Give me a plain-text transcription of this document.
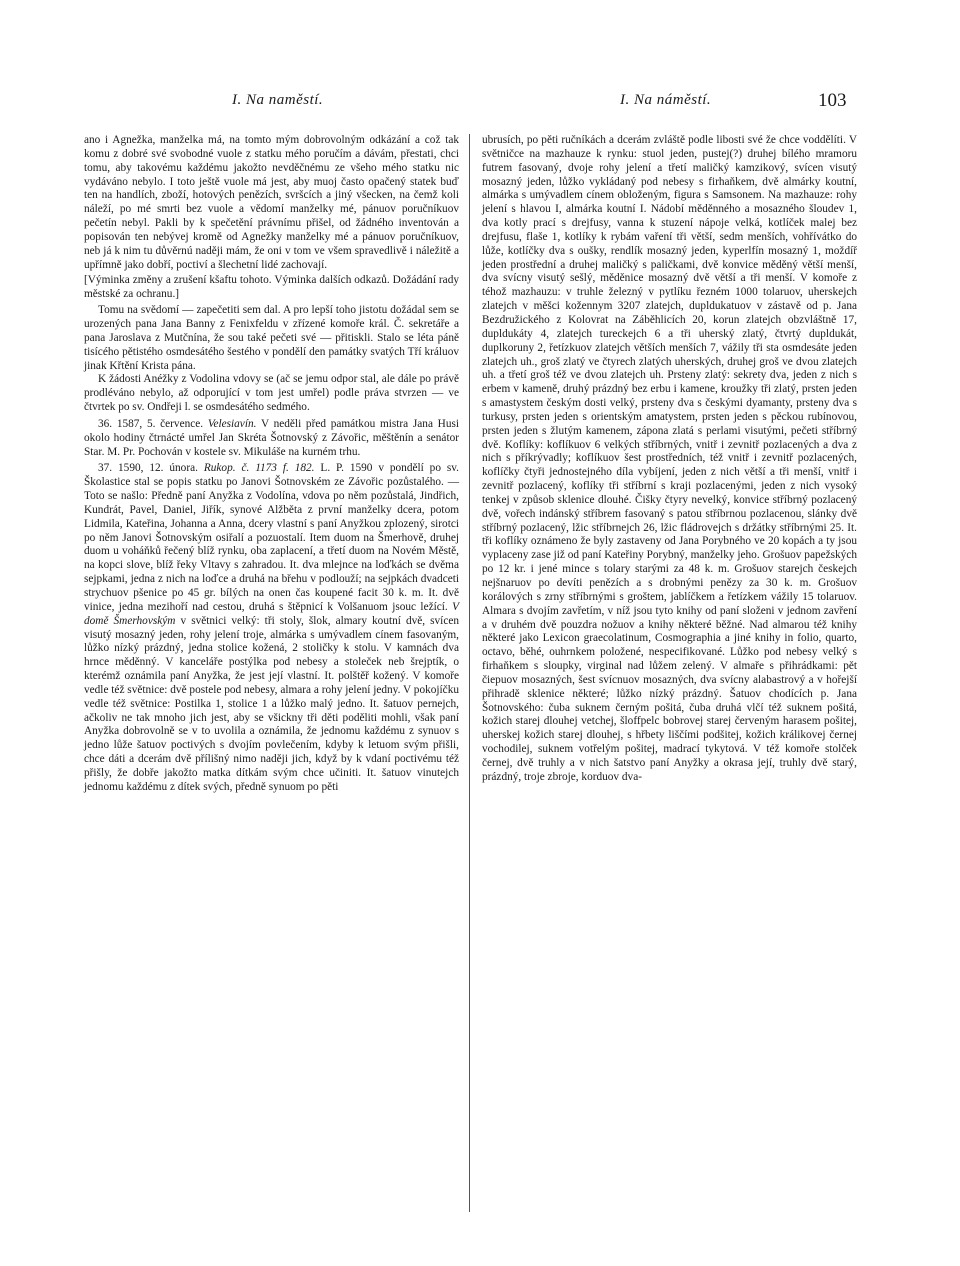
I. Na naměstí.	I. Na náměstí.	103

ano i Agnežka, manželka má, na tomto mým dobrovolným odkázání a což tak komu z dobré své svobodné vuole z statku mého poručím a dávám, přestati, chci tomu, aby takovému každému jakožto nevděčnému ze všeho mého statku nic vydáváno nebylo. I toto ještě vuole má jest, aby muoj často opačený statek buď ten na handlích, zboží, hotových penězích, svršcích a jiný všecken, na čemž koli náleží, po mé smrti bez vuole a vědomí manželky mé, pánuov poručníkuov pečetín nebyl. Pakli by k spečetění právnímu přišel, od žádného inventován a popisován ten nebývej kromě od Agnežky manželky mé a pánuov poručníkuov, neb já k nim tu důvěrnú naději mám, že oni v tom ve všem spravedlivě i náležitě a upřímně jako dobří, poctiví a šlechetní lidé zachovají.

[Výminka změny a zrušení kšaftu tohoto. Výminka dalších odkazů. Dožádání rady městské za ochranu.]

Tomu na svědomí — zapečetiti sem dal. A pro lepší toho jistotu dožádal sem se urozených pana Jana Banny z Fenixfeldu v zřízené komoře král. Č. sekretáře a pana Jaroslava z Mutčnína, že sou také pečeti své — přitiskli. Stalo se léta páně tisícého pětistého osmdesátého šestého v pondělí den památky svatých Tří králuov jinak Křtění Krista pána.

K žádosti Anéžky z Vodolina vdovy se (ač se jemu odpor stal, ale dále po právě prodléváno nebylo, až odporující v tom jest umřel) podle práva stvrzen — ve čtvrtek po sv. Ondřeji l. se osmdesátého sedmého.

36. 1587, 5. července. Velesiavín. V neděli před památkou mistra Jana Husi okolo hodiny čtrnácté umřel Jan Skréta Šotnovský z Závořic, měštěnín a senátor Star. M. Pr. Pochován v kostele sv. Mikuláše na kurném trhu.

37. 1590, 12. února. Rukop. č. 1173 f. 182. L. P. 1590 v pondělí po sv. Školastice stal se popis statku po Janovi Šotnovském ze Závořic pozůstalého. — Toto se našlo: Předně paní Anyžka z Vodolína, vdova po něm pozůstalá, Jindřich, Kundrát, Pavel, Daniel, Jiřík, synové Alžběta z první manželky dcera, potom Lidmila, Kateřina, Johanna a Anna, dcery vlastní s paní Anyžkou zplozený, sirotci po něm Janovi Šotnovským osiřalí a pozuostalí. Item duom na Šmerhově, druhej duom u voháňků řečený blíž rynku, oba zaplacení, a třetí duom na Novém Městě, na kopci slove, blíž řeky Vltavy s zahradou. It. dva mlejnce na loďkách se dvěma sejpkami, jedna z nich na loďce a druhá na břehu v podlouží; na sejpkách dvadceti strychuov pšenice po 45 gr. bílých na onen čas koupené facit 30 k. m. It. dvě vinice, jedna mezihoří nad cestou, druhá s štěpnicí k Volšanuom jsouc ležící. V domě Šmerhovským v světnici velký: tři stoly, šlok, almary koutní dvě, svícen visutý mosazný jeden, rohy jelení troje, almárka s umývadlem cínem fasovaným, lůžko nízký prázdný, jedna stolice kožená, 2 stoličky k stolu. V kamnách dva hrnce měděnný. V kanceláře postýlka pod nebesy a stoleček neb šrejptík, o kterémž oznámila paní Anyžka, že jest její vlastní. It. polštěř kožený. V komoře vedle též světnice: dvě postele pod nebesy, almara a rohy jelení jedny. V pokojíčku vedle též světnice: Postilka 1, stolice 1 a lůžko malý jedno. It. šatuov pernejch, ačkoliv ne tak mnoho jich jest, aby se všickny tři děti poděliti mohli, však paní Anyžka dobrovolně se v to uvolila a oznámila, že jednomu každému z synuov s jedno lůže šatuov poctivých s dvojím povlečením, kdyby k letuom svým přišli, chce dáti a dcerám dvě přílišný nimo naději jich, když by k vdaní poctivému též přišly, že dobře jakožto matka dítkám svým chce učiniti. It. šatuov vinutejch jednomu každému z dítek svých, předně synuom po pěti

ubrusích, po pěti ručníkách a dcerám zvláště podle libosti své že chce voddělíti. V světničce na mazhauze k rynku: stuol jeden, pustej(?) druhej bílého mramoru futrem fasovaný, dvoje rohy jelení a třetí maličký kamzikový, svícen visutý mosazný jeden, lůžko vykládaný pod nebesy s firhaňkem, dvě almárky koutní, almárka s umývadlem cínem obloženým, figura s Samsonem. Na mazhauze: rohy jelení s hlavou I, almárka koutní I. Nádobí měděnného a mosazného šloudev 1, dva kotly prací s drejfusy, vanna k stuzení nápoje velká, kotlíček malej bez drejfusu, flaše 1, kotlíky k rybám vaření tři větší, sedm menších, vohřívátko do lůže, kotlíčky dva s oušky, rendlík mosazný jeden, kyperlfín mosazný 1, moždíř jeden prostřední a druhej maličký s paličkami, dvě konvice měděný větší menší, dva svícny visutý sešlý, měděnice mosazný dvě větší a tři menší. V komoře z téhož mazhauzu: v truhle železný v pytlíku řezném 1000 tolaruov, uherskejch zlatejch v měšci kožennym 3207 zlatejch, dupldukatuov v zástavě od p. Jana Bezdružického z Kolovrat na Záběhlicích 20, korun zlatejch obzvláštně 17, dupldukáty 4, zlatejch tureckejch 6 a tři uherský zlatý, čtvrtý dupldukát, duplkoruny 2, řetízkuov zlatejch větších menších 7, vážily tři sta osmdesáte jeden zlatejch uh., groš zlatý ve čtyrech zlatých uherských, druhej groš ve dvou zlatejch uh. a třetí groš též ve dvou zlatejch uh. Prsteny zlatý: sekrety dva, jeden z nich s erbem v kameně, druhý prázdný bez erbu i kamene, kroužky tři zlatý, prsten jeden s amastystem českým dosti velký, prsteny dva s českými dyamanty, prsteny dva s turkusy, prsten jeden s orientským amatystem, prsten jeden s pěckou rubínovou, prsten jeden s žlutým kamenem, zápona zlatá s perlami visutými, pečeti stříbrný dvě. Koflíky: koflíkuov 6 velkých stříbrných, vnitř i zevnitř pozlacených a dva z nich s příkrývadly; koflíkuov šest prostředních, též vnitř i zevnitř pozlacených, koflíčky čtyři jednostejného díla vybíjení, jeden z nich větší a tři menší, vnitř i zevnitř pozlacený, koflíky tři stříbrní s kraji pozlacenými, jeden z nich vysoký tenkej v způsob sklenice dlouhé. Čišky čtyry nevelký, konvice stříbrný pozlacený dvě, vořech indánský stříbrem fasovaný s patou stříbrnou pozlacenou, slánky dvě stříbrný pozlacený, lžic stříbrnejch 26, lžic fládrovejch s držátky stříbrnými 25. It. tři koflíky oznámeno že byly zastaveny od Jana Porybného ve 20 kopách a ty jsou vyplaceny zase již od paní Kateřiny Porybný, manželky jeho. Grošuov papežských po 12 kr. i jené mince s tolary starými za 48 k. m. Grošuov starejch českejch nejšnaruov po devíti penězích a s drobnými penězy za 30 k. m. Grošuov korálových s zrny stříbrnými s groštem, jablíčkem a řetízkem vážily 15 tolaruov. Almara s dvojím zavřetím, v níž jsou tyto knihy od paní složeni v jednom zavření a v druhém dvě pouzdra nožuov a knihy některé běžné. Nad almarou též knihy některé jako Lexicon graecolatinum, Cosmographia a jiné knihy in folio, quarto, octavo, běhé, ouhrnkem položené, nespecifikované. Lůžko pod nebesy velký s firhaňkem s sloupky, virginal nad lůžem zelený. V almaře s přihrádkami: pět čiepuov mosazných, šest svícnuov mosazných, dva svícny alabastrový a v hořejší přihradě sklenice některé; lůžko nízký prázdný. Šatuov chodících p. Jana Šotnovského: čuba suknem černým pošitá, čuba druhá vlčí též suknem pošitá, kožich starej dlouhej vetchej, šloffpelc bobrovej starej červeným harasem pošitej, uherskej kožich starej dlouhej, s hřbety liščími podšitej, kožich králikovej černej vochodilej, suknem votřelým pošitej, madrací tykytová. V též komoře stolček černej, dvě truhly a v nich šatstvo paní Anyžky a okrasa její, truhly dvě starý, prázdný, troje zbroje, korduov dva-
